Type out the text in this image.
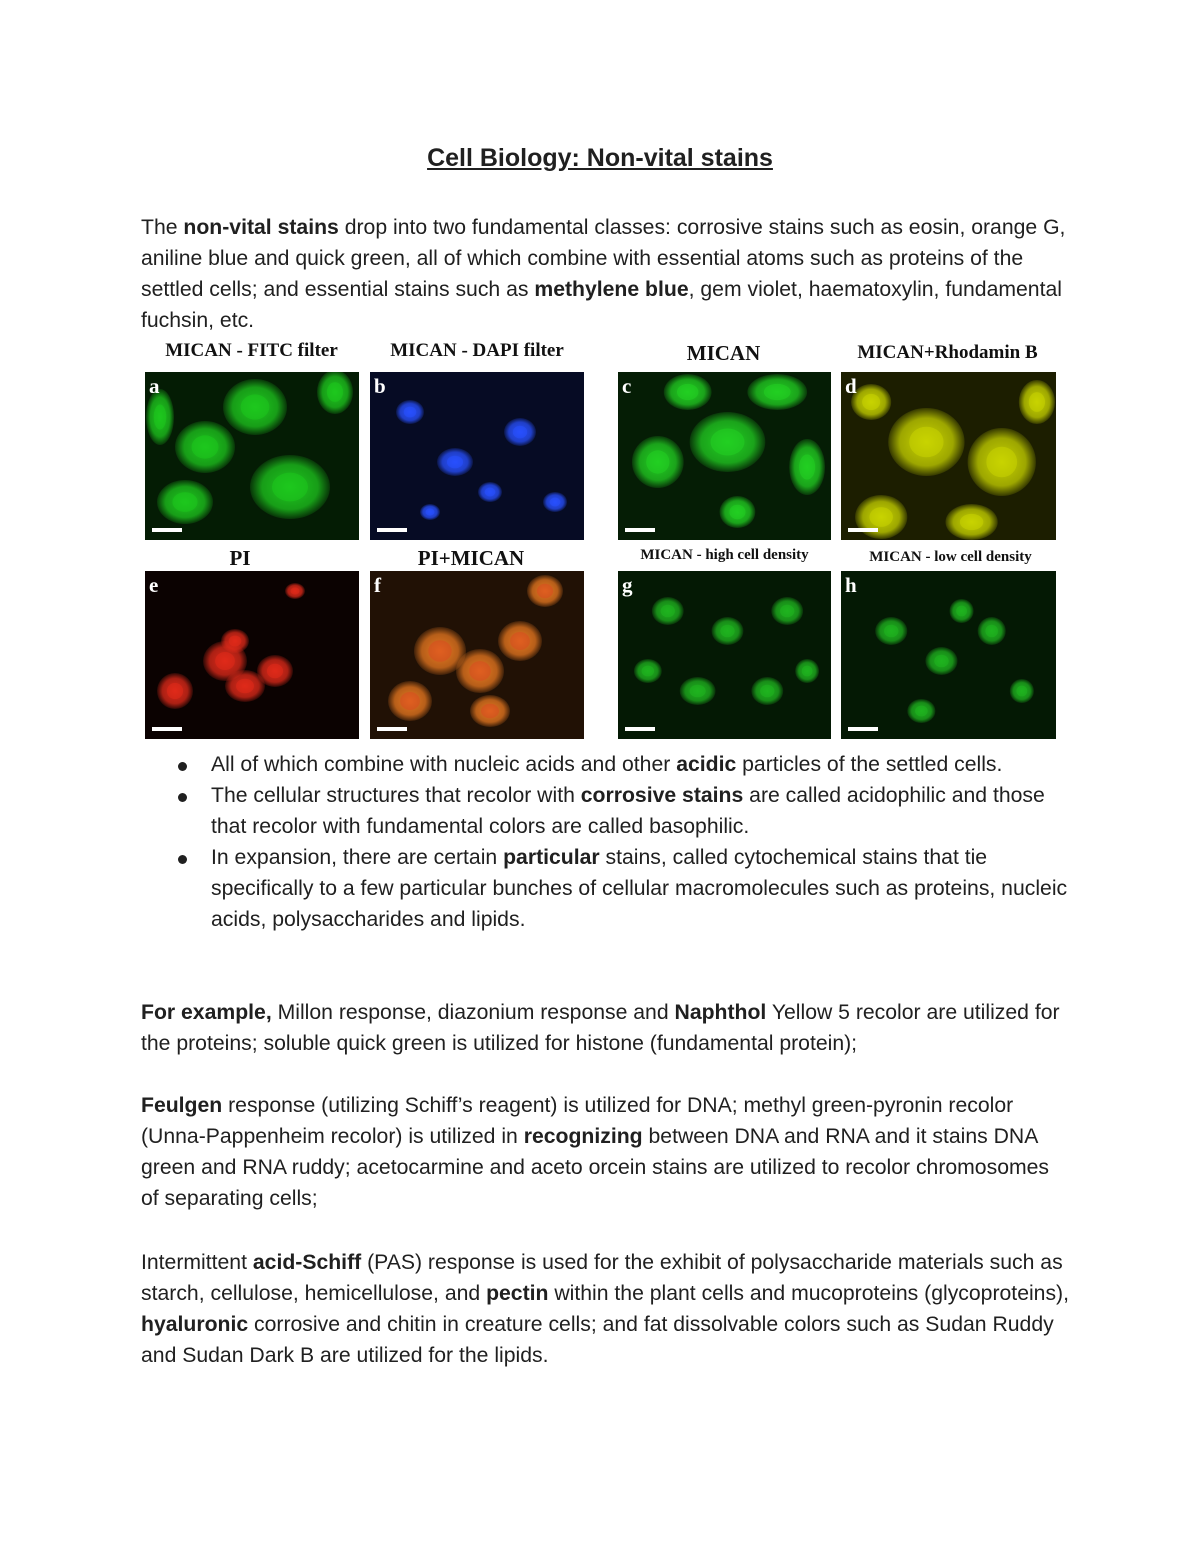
Cell Biology: Non-vital stains

The non-vital stains drop into two fundamental classes: corrosive stains such as eosin, orange G, aniline blue and quick green, all of which combine with essential atoms such as proteins of the settled cells; and essential stains such as methylene blue, gem violet, haematoxylin, fundamental fuchsin, etc.

MICAN - FITC filter	MICAN - DAPI filter	MICAN	MICAN+Rhodamin B
a	b	c	d
PI	PI+MICAN	MICAN - high cell density	MICAN - low cell density
e	f	g	h
All of which combine with nucleic acids and other acidic particles of the settled cells.
The cellular structures that recolor with corrosive stains are called acidophilic and those that recolor with fundamental colors are called basophilic.
In expansion, there are certain particular stains, called cytochemical stains that tie specifically to a few particular bunches of cellular macromolecules such as proteins, nucleic acids, polysaccharides and lipids.

For example, Millon response, diazonium response and Naphthol Yellow 5 recolor are utilized for the proteins; soluble quick green is utilized for histone (fundamental protein);

Feulgen response (utilizing Schiff’s reagent) is utilized for DNA; methyl green-pyronin recolor (Unna-Pappenheim recolor) is utilized in recognizing between DNA and RNA and it stains DNA green and RNA ruddy; acetocarmine and aceto orcein stains are utilized to recolor chromosomes of separating cells;

Intermittent acid-Schiff (PAS) response is used for the exhibit of polysaccharide materials such as starch, cellulose, hemicellulose, and pectin within the plant cells and mucoproteins (glycoproteins), hyaluronic corrosive and chitin in creature cells; and fat dissolvable colors such as Sudan Ruddy and Sudan Dark B are utilized for the lipids.
